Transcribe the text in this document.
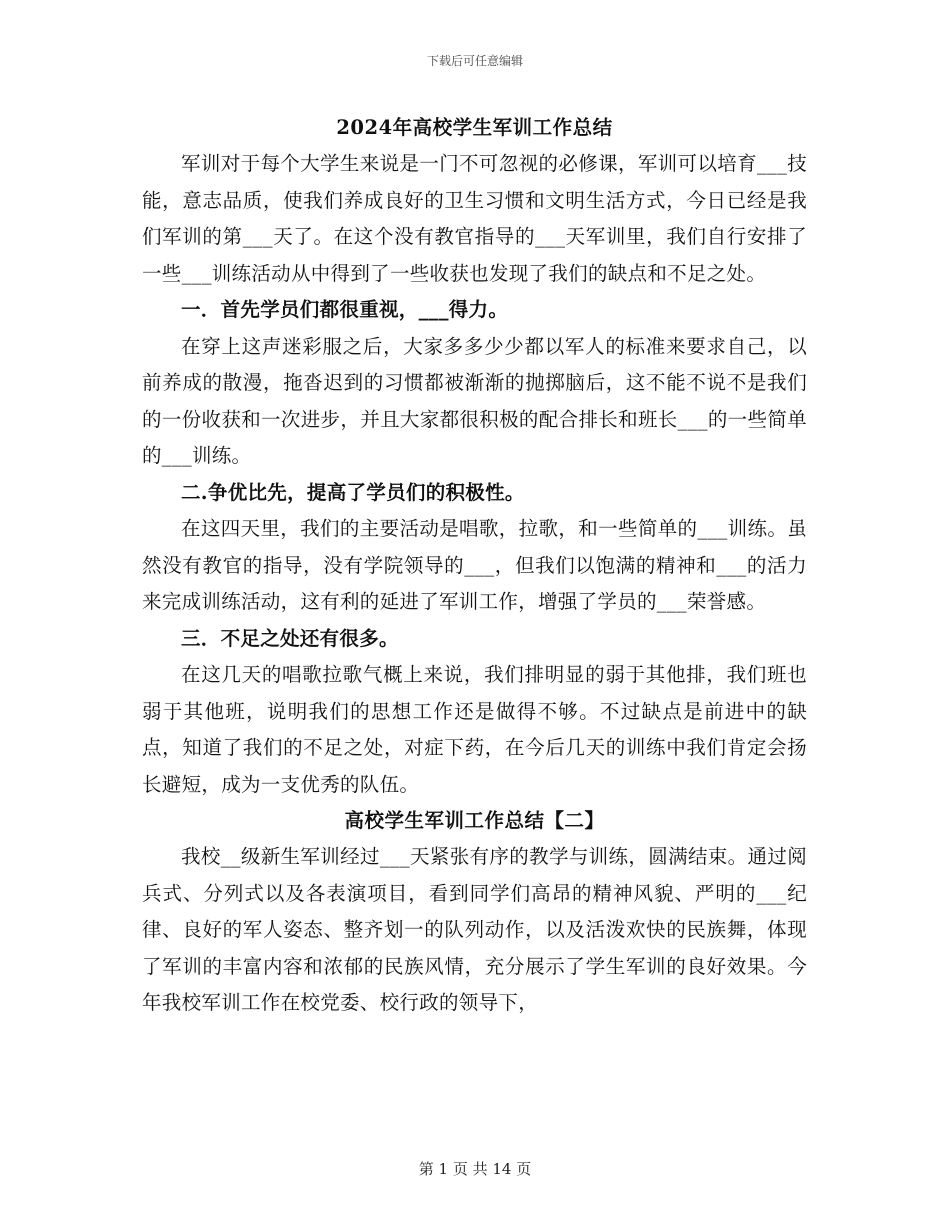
下载后可任意编辑
2024年高校学生军训工作总结

军训对于每个大学生来说是一门不可忽视的必修课，军训可以培育___技能，意志品质，使我们养成良好的卫生习惯和文明生活方式，今日已经是我们军训的第___天了。在这个没有教官指导的___天军训里，我们自行安排了一些___训练活动从中得到了一些收获也发现了我们的缺点和不足之处。

一．首先学员们都很重视，___得力。

在穿上这声迷彩服之后，大家多多少少都以军人的标准来要求自己，以前养成的散漫，拖沓迟到的习惯都被渐渐的抛掷脑后，这不能不说不是我们的一份收获和一次进步，并且大家都很积极的配合排长和班长___的一些简单的___训练。

二.争优比先，提高了学员们的积极性。

在这四天里，我们的主要活动是唱歌，拉歌，和一些简单的___训练。虽然没有教官的指导，没有学院领导的___，但我们以饱满的精神和___的活力来完成训练活动，这有利的延进了军训工作，增强了学员的___荣誉感。

三．不足之处还有很多。

在这几天的唱歌拉歌气概上来说，我们排明显的弱于其他排，我们班也弱于其他班，说明我们的思想工作还是做得不够。不过缺点是前进中的缺点，知道了我们的不足之处，对症下药，在今后几天的训练中我们肯定会扬长避短，成为一支优秀的队伍。

高校学生军训工作总结【二】

我校__级新生军训经过___天紧张有序的教学与训练，圆满结束。通过阅兵式、分列式以及各表演项目，看到同学们高昂的精神风貌、严明的___纪律、良好的军人姿态、整齐划一的队列动作，以及活泼欢快的民族舞，体现了军训的丰富内容和浓郁的民族风情，充分展示了学生军训的良好效果。今年我校军训工作在校党委、校行政的领导下，

第 1 页 共 14 页
